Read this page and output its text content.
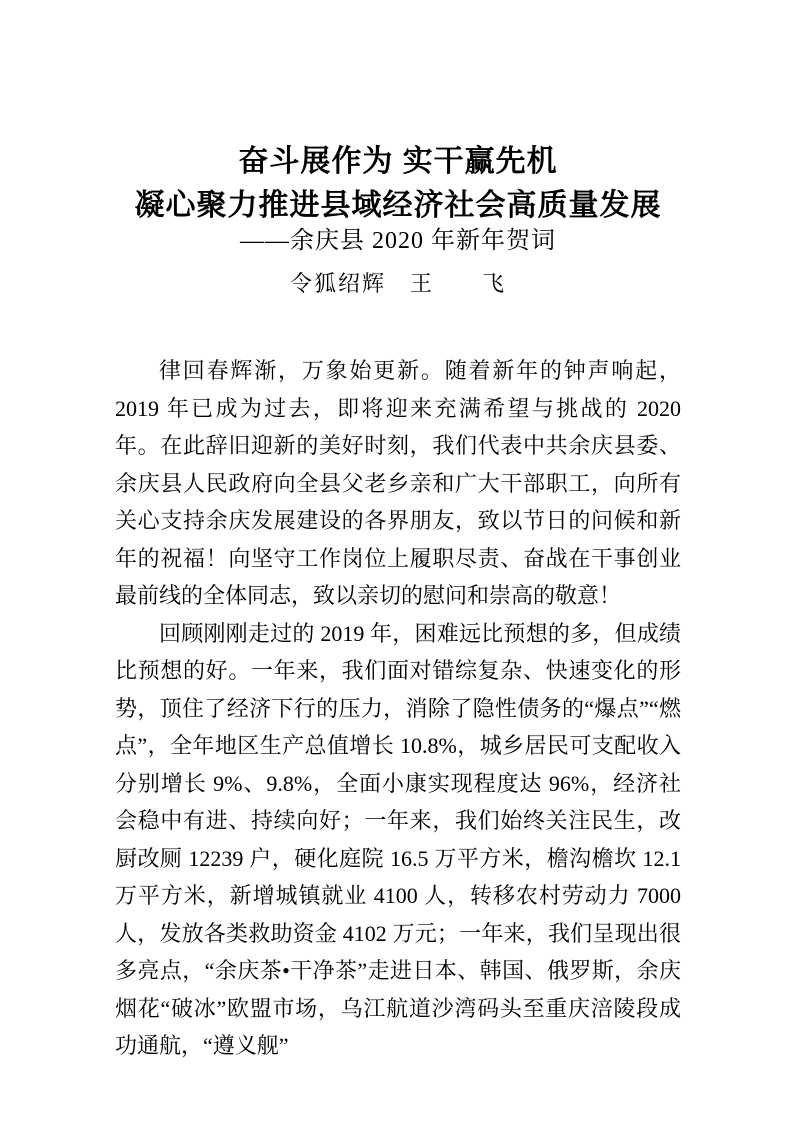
奋斗展作为 实干赢先机
凝心聚力推进县域经济社会高质量发展
——余庆县 2020 年新年贺词
令狐绍辉　王　　飞

律回春辉渐，万象始更新。随着新年的钟声响起，2019 年已成为过去，即将迎来充满希望与挑战的 2020 年。在此辞旧迎新的美好时刻，我们代表中共余庆县委、余庆县人民政府向全县父老乡亲和广大干部职工，向所有关心支持余庆发展建设的各界朋友，致以节日的问候和新年的祝福！向坚守工作岗位上履职尽责、奋战在干事创业最前线的全体同志，致以亲切的慰问和崇高的敬意！

回顾刚刚走过的 2019 年，困难远比预想的多，但成绩比预想的好。一年来，我们面对错综复杂、快速变化的形势，顶住了经济下行的压力，消除了隐性债务的“爆点”“燃点”，全年地区生产总值增长 10.8%，城乡居民可支配收入分别增长 9%、9.8%，全面小康实现程度达 96%，经济社会稳中有进、持续向好；一年来，我们始终关注民生，改厨改厕 12239 户，硬化庭院 16.5 万平方米，檐沟檐坎 12.1 万平方米，新增城镇就业 4100 人，转移农村劳动力 7000 人，发放各类救助资金 4102 万元；一年来，我们呈现出很多亮点，“余庆茶•干净茶”走进日本、韩国、俄罗斯，余庆烟花“破冰”欧盟市场，乌江航道沙湾码头至重庆涪陵段成功通航，“遵义舰”
